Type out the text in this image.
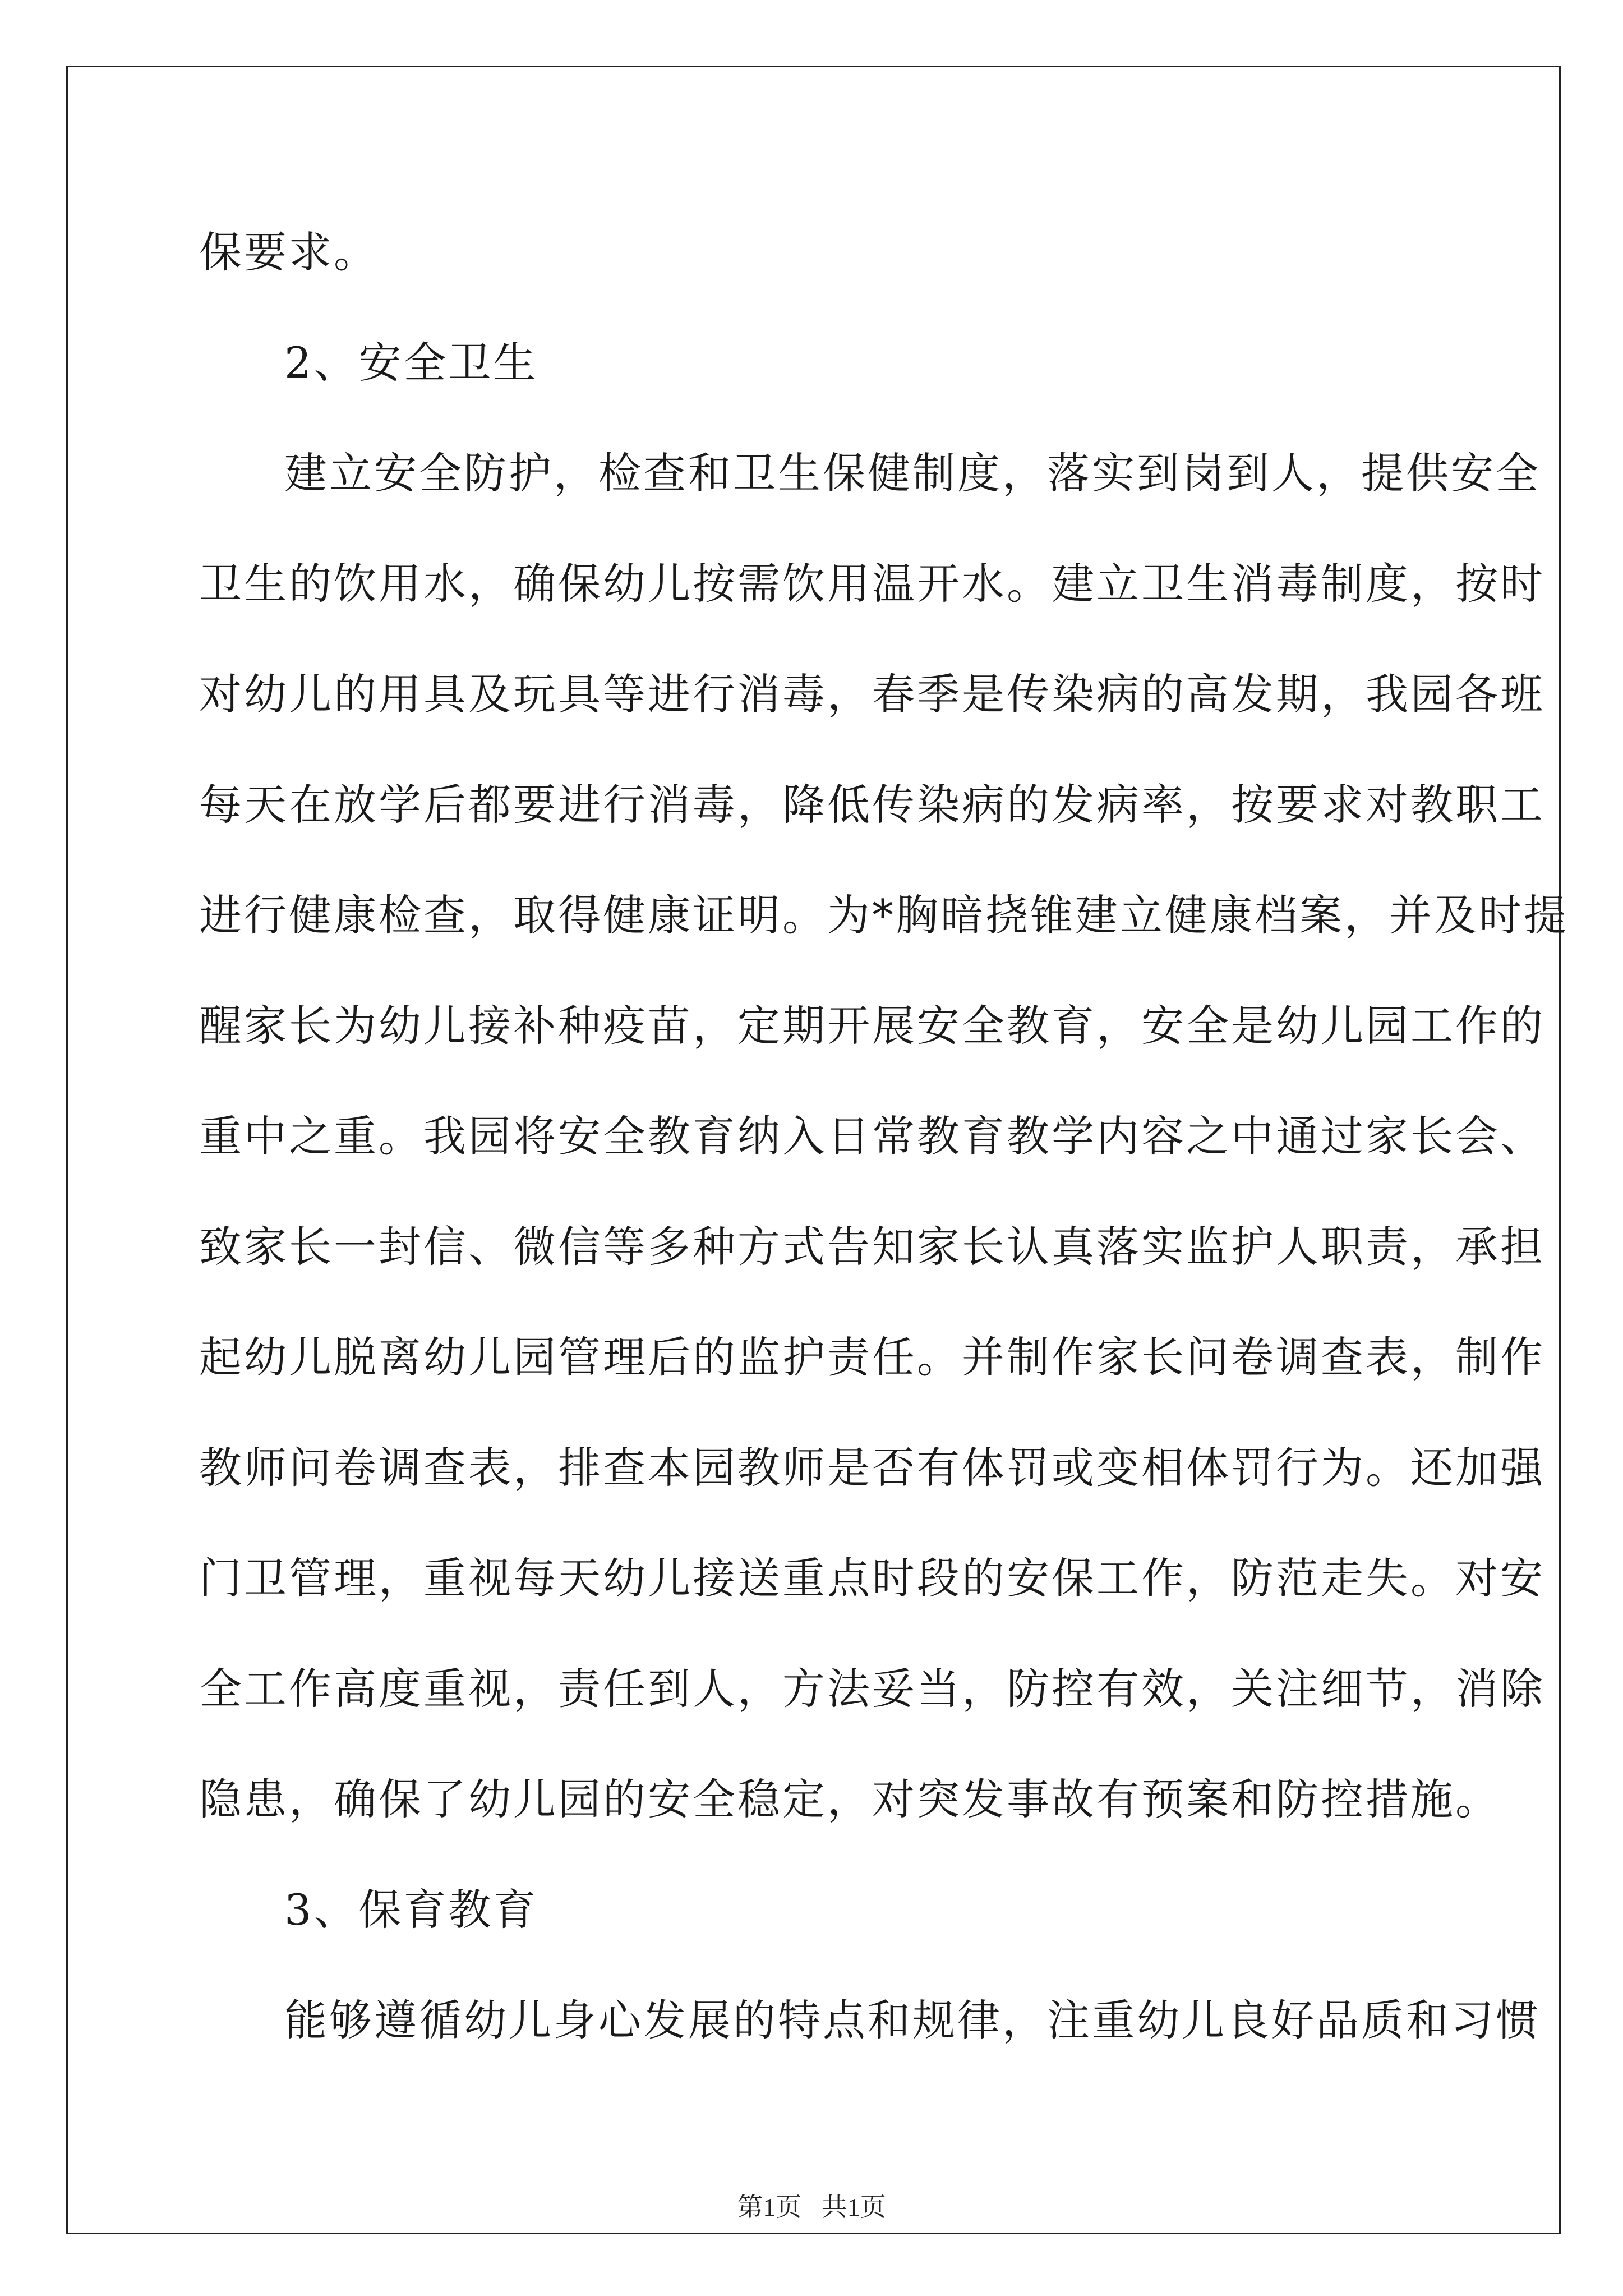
保要求。
2、安全卫生
建立安全防护，检查和卫生保健制度，落实到岗到人，提供安全
卫生的饮用水，确保幼儿按需饮用温开水。建立卫生消毒制度，按时
对幼儿的用具及玩具等进行消毒，春季是传染病的高发期，我园各班
每天在放学后都要进行消毒，降低传染病的发病率，按要求对教职工
进行健康检查，取得健康证明。为*胸暗挠锥建立健康档案，并及时提
醒家长为幼儿接补种疫苗，定期开展安全教育，安全是幼儿园工作的
重中之重。我园将安全教育纳入日常教育教学内容之中通过家长会、
致家长一封信、微信等多种方式告知家长认真落实监护人职责，承担
起幼儿脱离幼儿园管理后的监护责任。并制作家长问卷调查表，制作
教师问卷调查表，排查本园教师是否有体罚或变相体罚行为。还加强
门卫管理，重视每天幼儿接送重点时段的安保工作，防范走失。对安
全工作高度重视，责任到人，方法妥当，防控有效，关注细节，消除
隐患，确保了幼儿园的安全稳定，对突发事故有预案和防控措施。
3、保育教育
能够遵循幼儿身心发展的特点和规律，注重幼儿良好品质和习惯
第1页 共1页
